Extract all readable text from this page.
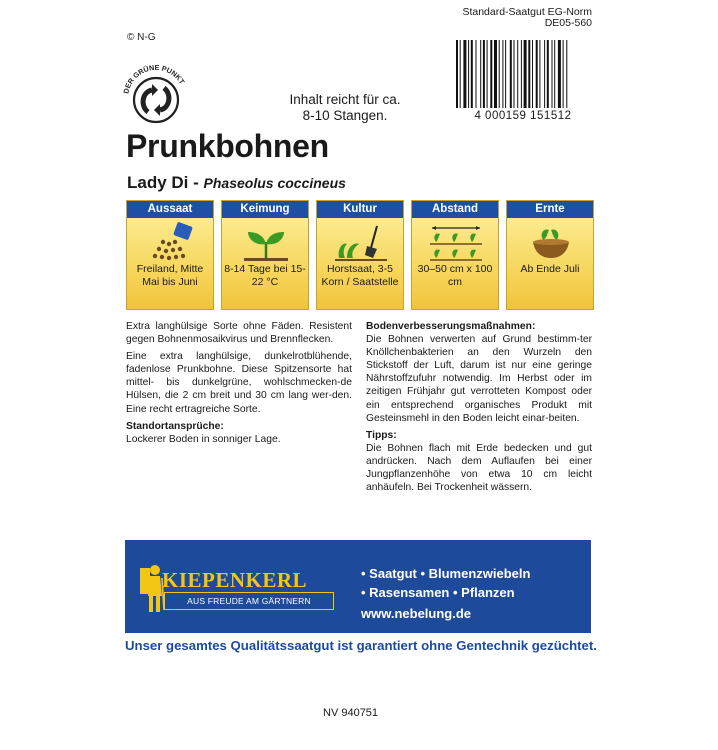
Standard-Saatgut EG-Norm
DE05-560
© N-G
DER GRÜNE PUNKT
4 000159 151512
Inhalt reicht für ca. 8-10 Stangen.
Prunkbohnen
Lady Di - Phaseolus coccineus
Aussaat
Freiland, Mitte Mai bis Juni
Keimung
8-14 Tage bei 15-22 °C
Kultur
Horstsaat, 3-5 Korn / Saatstelle
Abstand
30–50 cm x 100 cm
Ernte
Ab Ende Juli

Extra langhülsige Sorte ohne Fäden. Resistent gegen Bohnenmosaikvirus und Brennflecken.

Eine extra langhülsige, dunkelrotblühende, fadenlose Prunkbohne. Diese Spitzensorte hat mittel- bis dunkelgrüne, wohlschmecken-de Hülsen, die 2 cm breit und 30 cm lang wer-den. Eine recht ertragreiche Sorte.

Standortansprüche:
Lockerer Boden in sonniger Lage.
Bodenverbesserungsmaßnahmen:

Die Bohnen verwerten auf Grund bestimm-ter Knöllchenbakterien an den Wurzeln den Stickstoff der Luft, darum ist nur eine geringe Nährstoffzufuhr notwendig. Im Herbst oder im zeitigen Frühjahr gut verrotteten Kompost oder ein entsprechend organisches Produkt mit Gesteinsmehl in den Boden leicht einar-beiten.

Tipps:
Die Bohnen flach mit Erde bedecken und gut andrücken. Nach dem Auflaufen bei einer Jungpflanzenhöhe von etwa 10 cm leicht anhäufeln. Bei Trockenheit wässern.
KIEPENKERL
AUS FREUDE AM GÄRTNERN
• Saatgut • Blumenzwiebeln
• Rasensamen • Pflanzen
www.nebelung.de
Unser gesamtes Qualitätssaatgut ist garantiert ohne Gentechnik gezüchtet.
NV 940751
